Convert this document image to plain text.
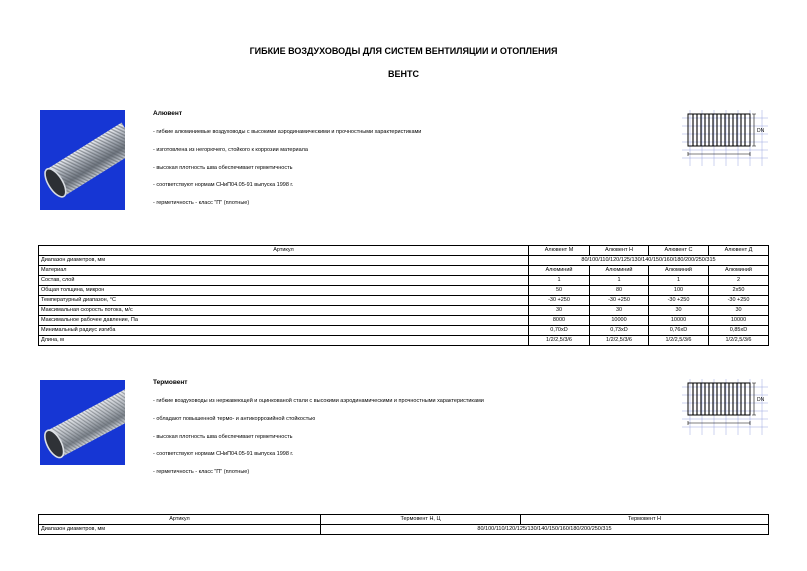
ГИБКИЕ ВОЗДУХОВОДЫ ДЛЯ СИСТЕМ ВЕНТИЛЯЦИИ И ОТОПЛЕНИЯ
ВЕНТС
Алювент
- гибкие алюминиевые воздуховоды с высокими аэродинамическими и прочностными характеристиками
- изготовлена из негорючего, стойкого к коррозии материала
- высокая плотность шва обеспечивает герметичность
- соответствуют нормам СНиП04.05-91 выпуска 1998 г.
- герметичность - класс "П" (плотные)
DN
Артикул	Алювент М	Алювент Н	Алювент С	Алювент Д
Диапазон диаметров, мм	80/100/110/120/125/130/140/150/160/180/200/250/315			
Материал	Алюминий	Алюминий	Алюминий	Алюминий
Состав, слой	1	1	1	2
Общая толщина, микрон	50	80	100	2x50
Температурный диапазон, °С	-30 +250	-30 +250	-30 +250	-30 +250
Максимальная скорость потока, м/с	30	30	30	30
Максимальное рабочее давление, Па	8000	10000	10000	10000
Минимальный радиус изгиба	0,70xD	0,73xD	0,76xD	0,85xD
Длина, м	1/2/2,5/3/6	1/2/2,5/3/6	1/2/2,5/3/6	1/2/2,5/3/6
Термовент
- гибкие воздуховоды из нержавеющей и оцинкованой стали с высокими аэродинамическими и прочностными характеристиками
- обладают повышенной термо- и антикоррозийной стойкостью
- высокая плотность шва обеспечивает герметичность
- соответствуют нормам СНиП04.05-91 выпуска 1998 г.
- герметичность - класс "П" (плотные)
DN
Артикул	Термовент Н, Ц	Термовент Н
Диапазон диаметров, мм	80/100/110/120/125/130/140/150/160/180/200/250/315	
